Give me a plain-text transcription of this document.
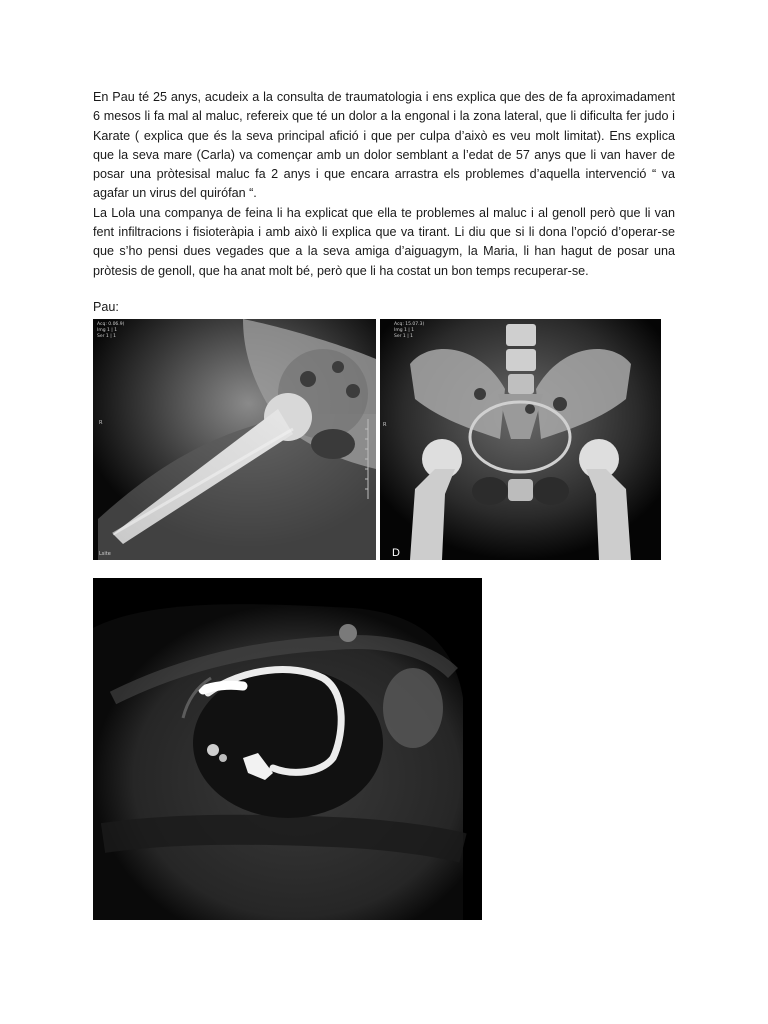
En Pau té 25 anys, acudeix a la consulta de traumatologia i ens explica que des de fa aproximadament 6 mesos li fa mal al maluc, refereix que té un dolor a la engonal i la zona lateral, que li dificulta fer judo i Karate ( explica que és la seva principal afició i que per culpa d’això es veu molt limitat). Ens explica que la seva mare (Carla) va començar amb un dolor semblant a l’edat de 57 anys que li van haver de posar una pròtesisal maluc fa 2 anys i que encara arrastra els problemes d’aquella intervenció “ va agafar un virus del quirófan “.

La Lola una companya de feina li ha explicat que ella te problemes al maluc i al genoll però que li van fent infiltracions i fisioteràpia i amb això li explica que va tirant. Li diu que si li dona l’opció d’operar-se que s’ho pensi dues vegades que a la seva amiga d’aiguagym, la Maria, li han hagut de posar una pròtesis de genoll, que ha anat molt bé, però que li ha costat un bon temps recuperar-se.

Pau:
Acq: 0.06.9)
Img 1 | 1
Ser 1 | 1
R
Lsite
Acq: 15.07.3)
Img 1 | 1
Ser 1 | 1
R
D
